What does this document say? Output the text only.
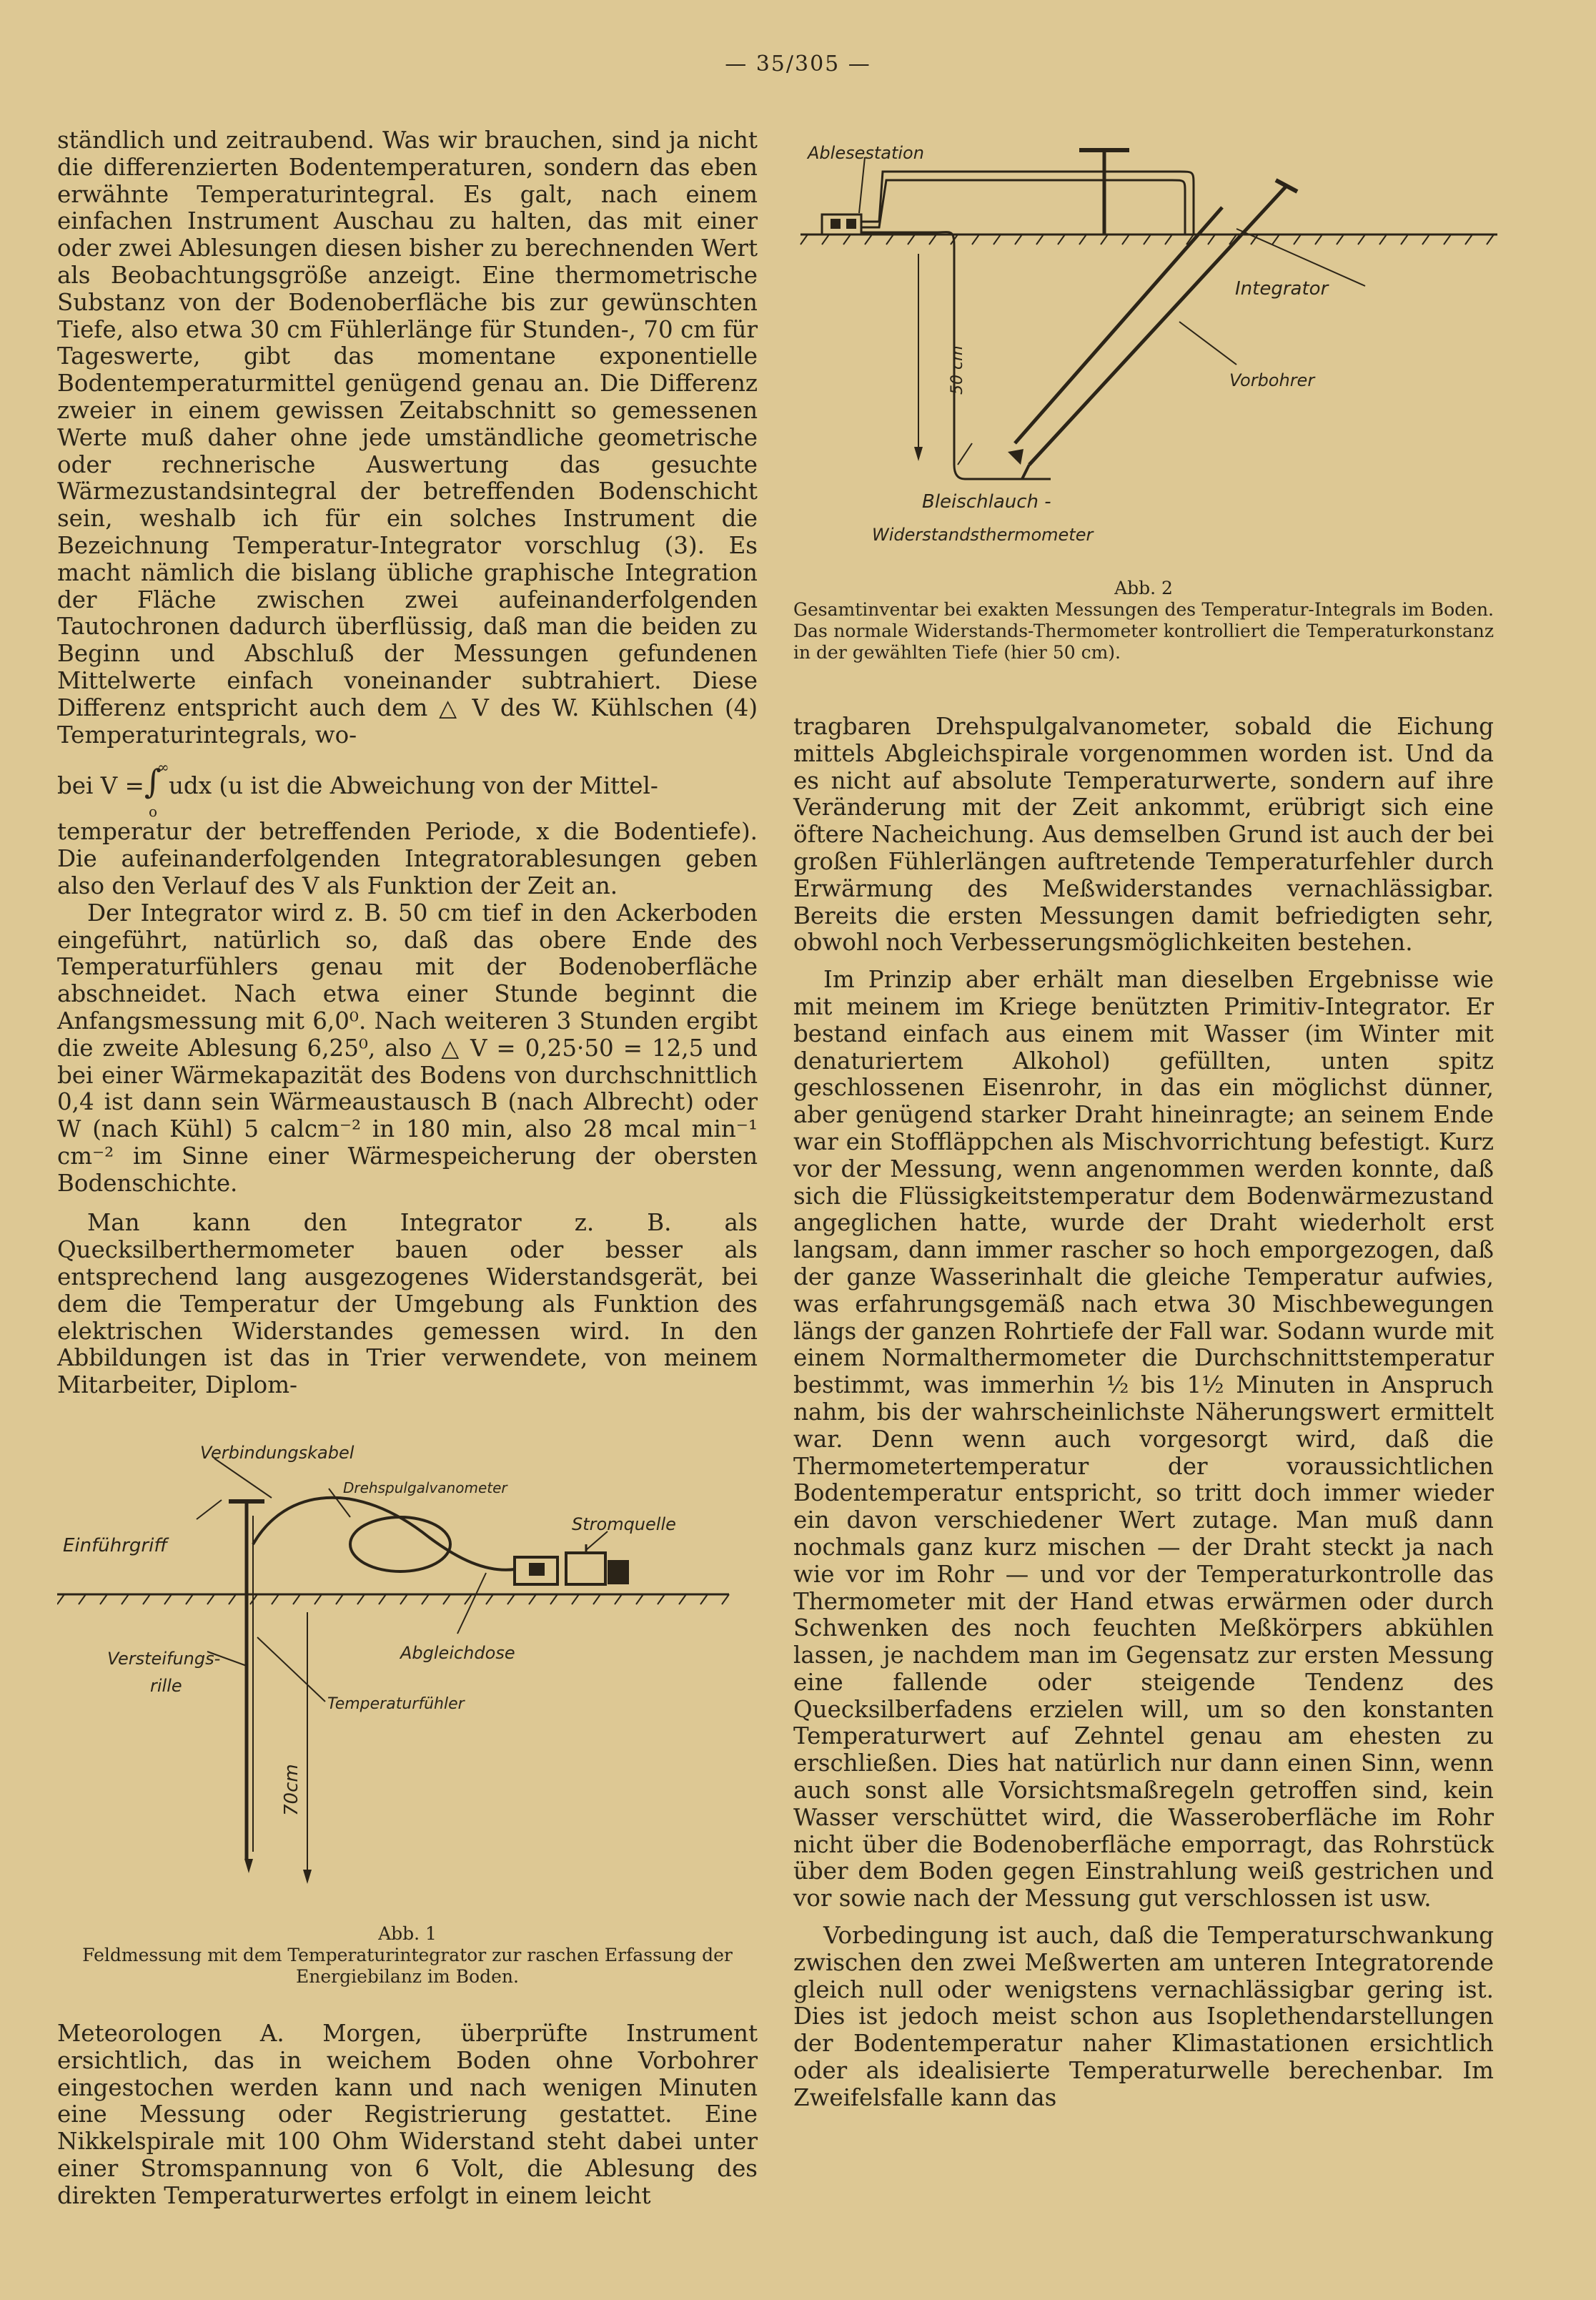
— 35/305 —

ständlich und zeitraubend. Was wir brauchen, sind ja nicht die differenzierten Bodentemperaturen, sondern das eben erwähnte Temperaturintegral. Es galt, nach einem einfachen Instrument Auschau zu halten, das mit einer oder zwei Ablesungen diesen bisher zu berechnenden Wert als Beobachtungsgröße anzeigt. Eine thermometrische Substanz von der Bodenoberfläche bis zur gewünschten Tiefe, also etwa 30 cm Fühlerlänge für Stunden-, 70 cm für Tageswerte, gibt das momentane exponentielle Bodentemperaturmittel genügend genau an. Die Differenz zweier in einem gewissen Zeitabschnitt so gemessenen Werte muß daher ohne jede umständliche geometrische oder rechnerische Auswertung das gesuchte Wärmezustandsintegral der betreffenden Bodenschicht sein, weshalb ich für ein solches Instrument die Bezeichnung Temperatur-Integrator vorschlug (3). Es macht nämlich die bislang übliche graphische Integration der Fläche zwischen zwei aufeinanderfolgenden Tautochronen dadurch überflüssig, daß man die beiden zu Beginn und Abschluß der Messungen gefundenen Mittelwerte einfach voneinander subtrahiert. Diese Differenz entspricht auch dem △ V des W. Kühlschen (4) Temperaturintegrals, wo-

bei V = ∫
∞
o
udx (u ist die Abweichung von der Mittel-

temperatur der betreffenden Periode, x die Bodentiefe). Die aufeinanderfolgenden Integratorablesungen geben also den Verlauf des V als Funktion der Zeit an.

Der Integrator wird z. B. 50 cm tief in den Ackerboden eingeführt, natürlich so, daß das obere Ende des Temperaturfühlers genau mit der Bodenoberfläche abschneidet. Nach etwa einer Stunde beginnt die Anfangsmessung mit 6,0⁰. Nach weiteren 3 Stunden ergibt die zweite Ablesung 6,25⁰, also △ V = 0,25·50 = 12,5 und bei einer Wärmekapazität des Bodens von durchschnittlich 0,4 ist dann sein Wärmeaustausch B (nach Albrecht) oder W (nach Kühl) 5 calcm⁻² in 180 min, also 28 mcal min⁻¹ cm⁻² im Sinne einer Wärmespeicherung der obersten Bodenschichte.

Man kann den Integrator z. B. als Quecksilberthermometer bauen oder besser als entsprechend lang ausgezogenes Widerstandsgerät, bei dem die Temperatur der Umgebung als Funktion des elektrischen Widerstandes gemessen wird. In den Abbildungen ist das in Trier verwendete, von meinem Mitarbeiter, Diplom-

Verbindungskabel
Drehspulgalvanometer
Stromquelle
Einführgriff
Versteifungs-
rille
Abgleichdose
Temperaturfühler
70cm
Abb. 1
Feldmessung mit dem Temperaturintegrator zur raschen Erfassung der Energiebilanz im Boden.

Meteorologen A. Morgen, überprüfte Instrument ersichtlich, das in weichem Boden ohne Vorbohrer eingestochen werden kann und nach wenigen Minuten eine Messung oder Registrierung gestattet. Eine Nikkelspirale mit 100 Ohm Widerstand steht dabei unter einer Stromspannung von 6 Volt, die Ablesung des direkten Temperaturwertes erfolgt in einem leicht

Ablesestation
Integrator
Vorbohrer
50 cm
Bleischlauch -
Widerstandsthermometer
Abb. 2
Gesamtinventar bei exakten Messungen des Temperatur-Integrals im Boden. Das normale Widerstands-Thermometer kontrolliert die Temperaturkonstanz in der gewählten Tiefe (hier 50 cm).

tragbaren Drehspulgalvanometer, sobald die Eichung mittels Abgleichspirale vorgenommen worden ist. Und da es nicht auf absolute Temperaturwerte, sondern auf ihre Veränderung mit der Zeit ankommt, erübrigt sich eine öftere Nacheichung. Aus demselben Grund ist auch der bei großen Fühlerlängen auftretende Temperaturfehler durch Erwärmung des Meßwiderstandes vernachlässigbar. Bereits die ersten Messungen damit befriedigten sehr, obwohl noch Verbesserungsmöglichkeiten bestehen.

Im Prinzip aber erhält man dieselben Ergebnisse wie mit meinem im Kriege benützten Primitiv-Integrator. Er bestand einfach aus einem mit Wasser (im Winter mit denaturiertem Alkohol) gefüllten, unten spitz geschlossenen Eisenrohr, in das ein möglichst dünner, aber genügend starker Draht hineinragte; an seinem Ende war ein Stoffläppchen als Mischvorrichtung befestigt. Kurz vor der Messung, wenn angenommen werden konnte, daß sich die Flüssigkeitstemperatur dem Bodenwärmezustand angeglichen hatte, wurde der Draht wiederholt erst langsam, dann immer rascher so hoch emporgezogen, daß der ganze Wasserinhalt die gleiche Temperatur aufwies, was erfahrungsgemäß nach etwa 30 Mischbewegungen längs der ganzen Rohrtiefe der Fall war. Sodann wurde mit einem Normalthermometer die Durchschnittstemperatur bestimmt, was immerhin ½ bis 1½ Minuten in Anspruch nahm, bis der wahrscheinlichste Näherungswert ermittelt war. Denn wenn auch vorgesorgt wird, daß die Thermometertemperatur der voraussichtlichen Bodentemperatur entspricht, so tritt doch immer wieder ein davon verschiedener Wert zutage. Man muß dann nochmals ganz kurz mischen — der Draht steckt ja nach wie vor im Rohr — und vor der Temperaturkontrolle das Thermometer mit der Hand etwas erwärmen oder durch Schwenken des noch feuchten Meßkörpers abkühlen lassen, je nachdem man im Gegensatz zur ersten Messung eine fallende oder steigende Tendenz des Quecksilberfadens erzielen will, um so den konstanten Temperaturwert auf Zehntel genau am ehesten zu erschließen. Dies hat natürlich nur dann einen Sinn, wenn auch sonst alle Vorsichtsmaßregeln getroffen sind, kein Wasser verschüttet wird, die Wasseroberfläche im Rohr nicht über die Bodenoberfläche emporragt, das Rohrstück über dem Boden gegen Einstrahlung weiß gestrichen und vor sowie nach der Messung gut verschlossen ist usw.

Vorbedingung ist auch, daß die Temperaturschwankung zwischen den zwei Meßwerten am unteren Integratorende gleich null oder wenigstens vernachlässigbar gering ist. Dies ist jedoch meist schon aus Isoplethendarstellungen der Bodentemperatur naher Klimastationen ersichtlich oder als idealisierte Temperaturwelle berechenbar. Im Zweifelsfalle kann das
